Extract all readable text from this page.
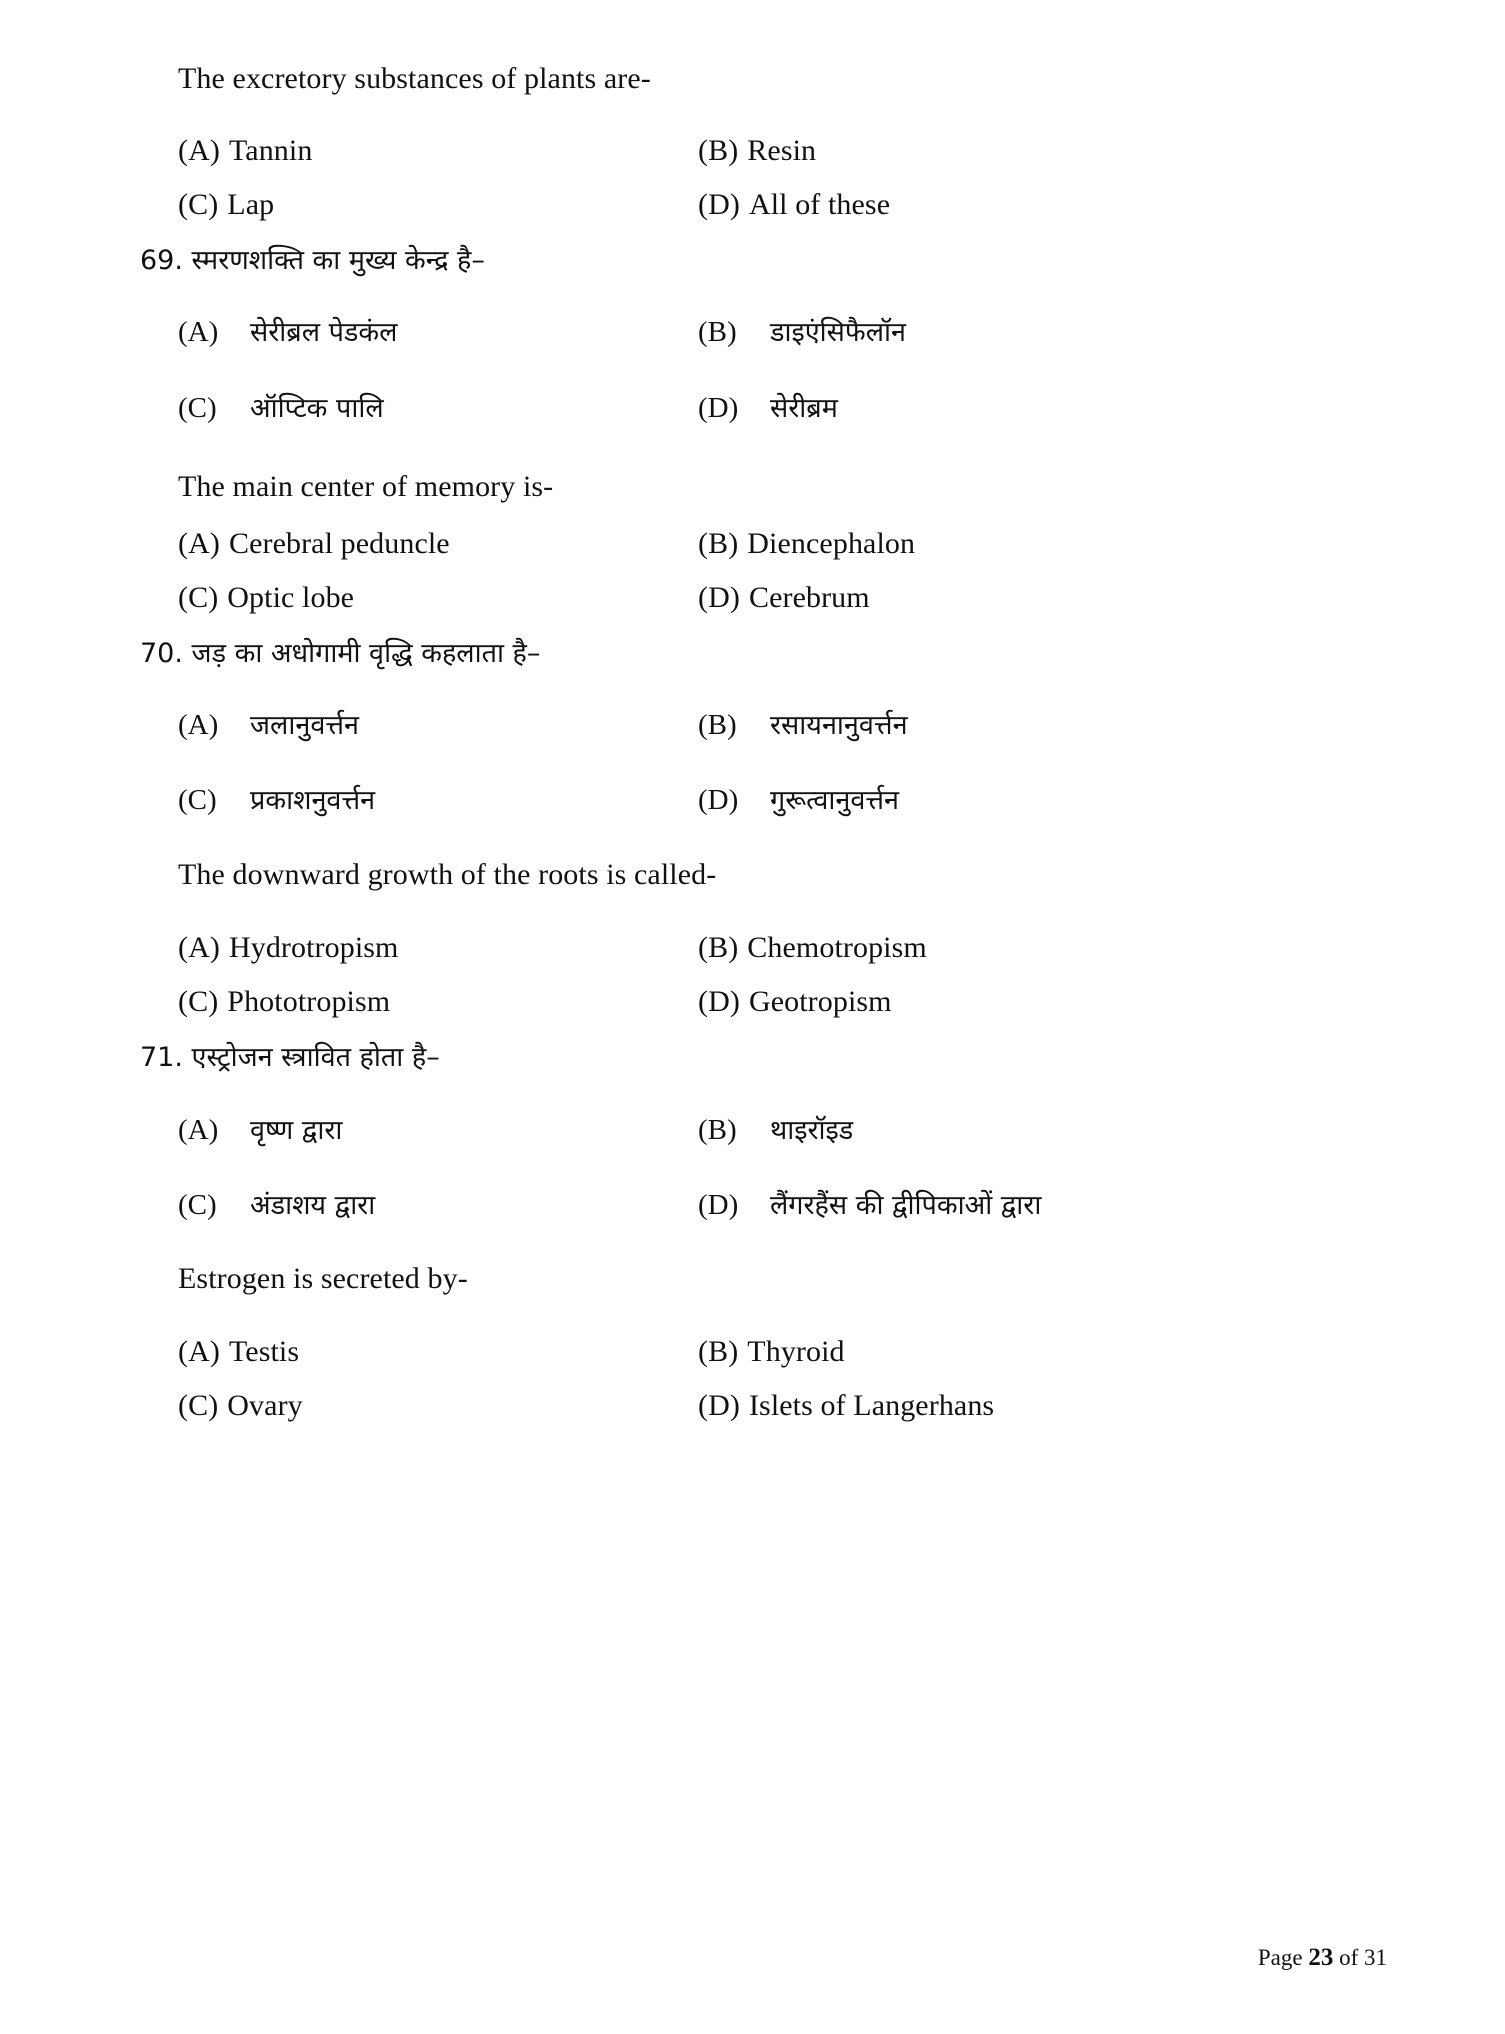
The excretory substances of plants are-
(A) Tannin	(B) Resin
(C) Lap	(D) All of these
69. स्मरणशक्ति का मुख्य केन्द्र है–
(A)	सेरीब्रल पेडकंल	(B)	डाइएंसिफैलॉन
(C)	ऑप्टिक पालि	(D)	सेरीब्रम
The main center of memory is-
(A) Cerebral peduncle	(B) Diencephalon
(C) Optic lobe	(D) Cerebrum
70. जड़ का अधोगामी वृद्धि कहलाता है–
(A)	जलानुवर्त्तन	(B)	रसायनानुवर्त्तन
(C)	प्रकाशनुवर्त्तन	(D)	गुरूत्वानुवर्त्तन
The downward growth of the roots is called-
(A) Hydrotropism	(B) Chemotropism
(C) Phototropism	(D) Geotropism
71. एस्ट्रोजन स्त्रावित होता है–
(A)	वृष्ण द्वारा	(B)	थाइरॉइड
(C)	अंडाशय द्वारा	(D)	लैंगरहैंस की द्वीपिकाओं द्वारा
Estrogen is secreted by-
(A) Testis	(B) Thyroid
(C) Ovary	(D) Islets of Langerhans
Page 23 of 31
